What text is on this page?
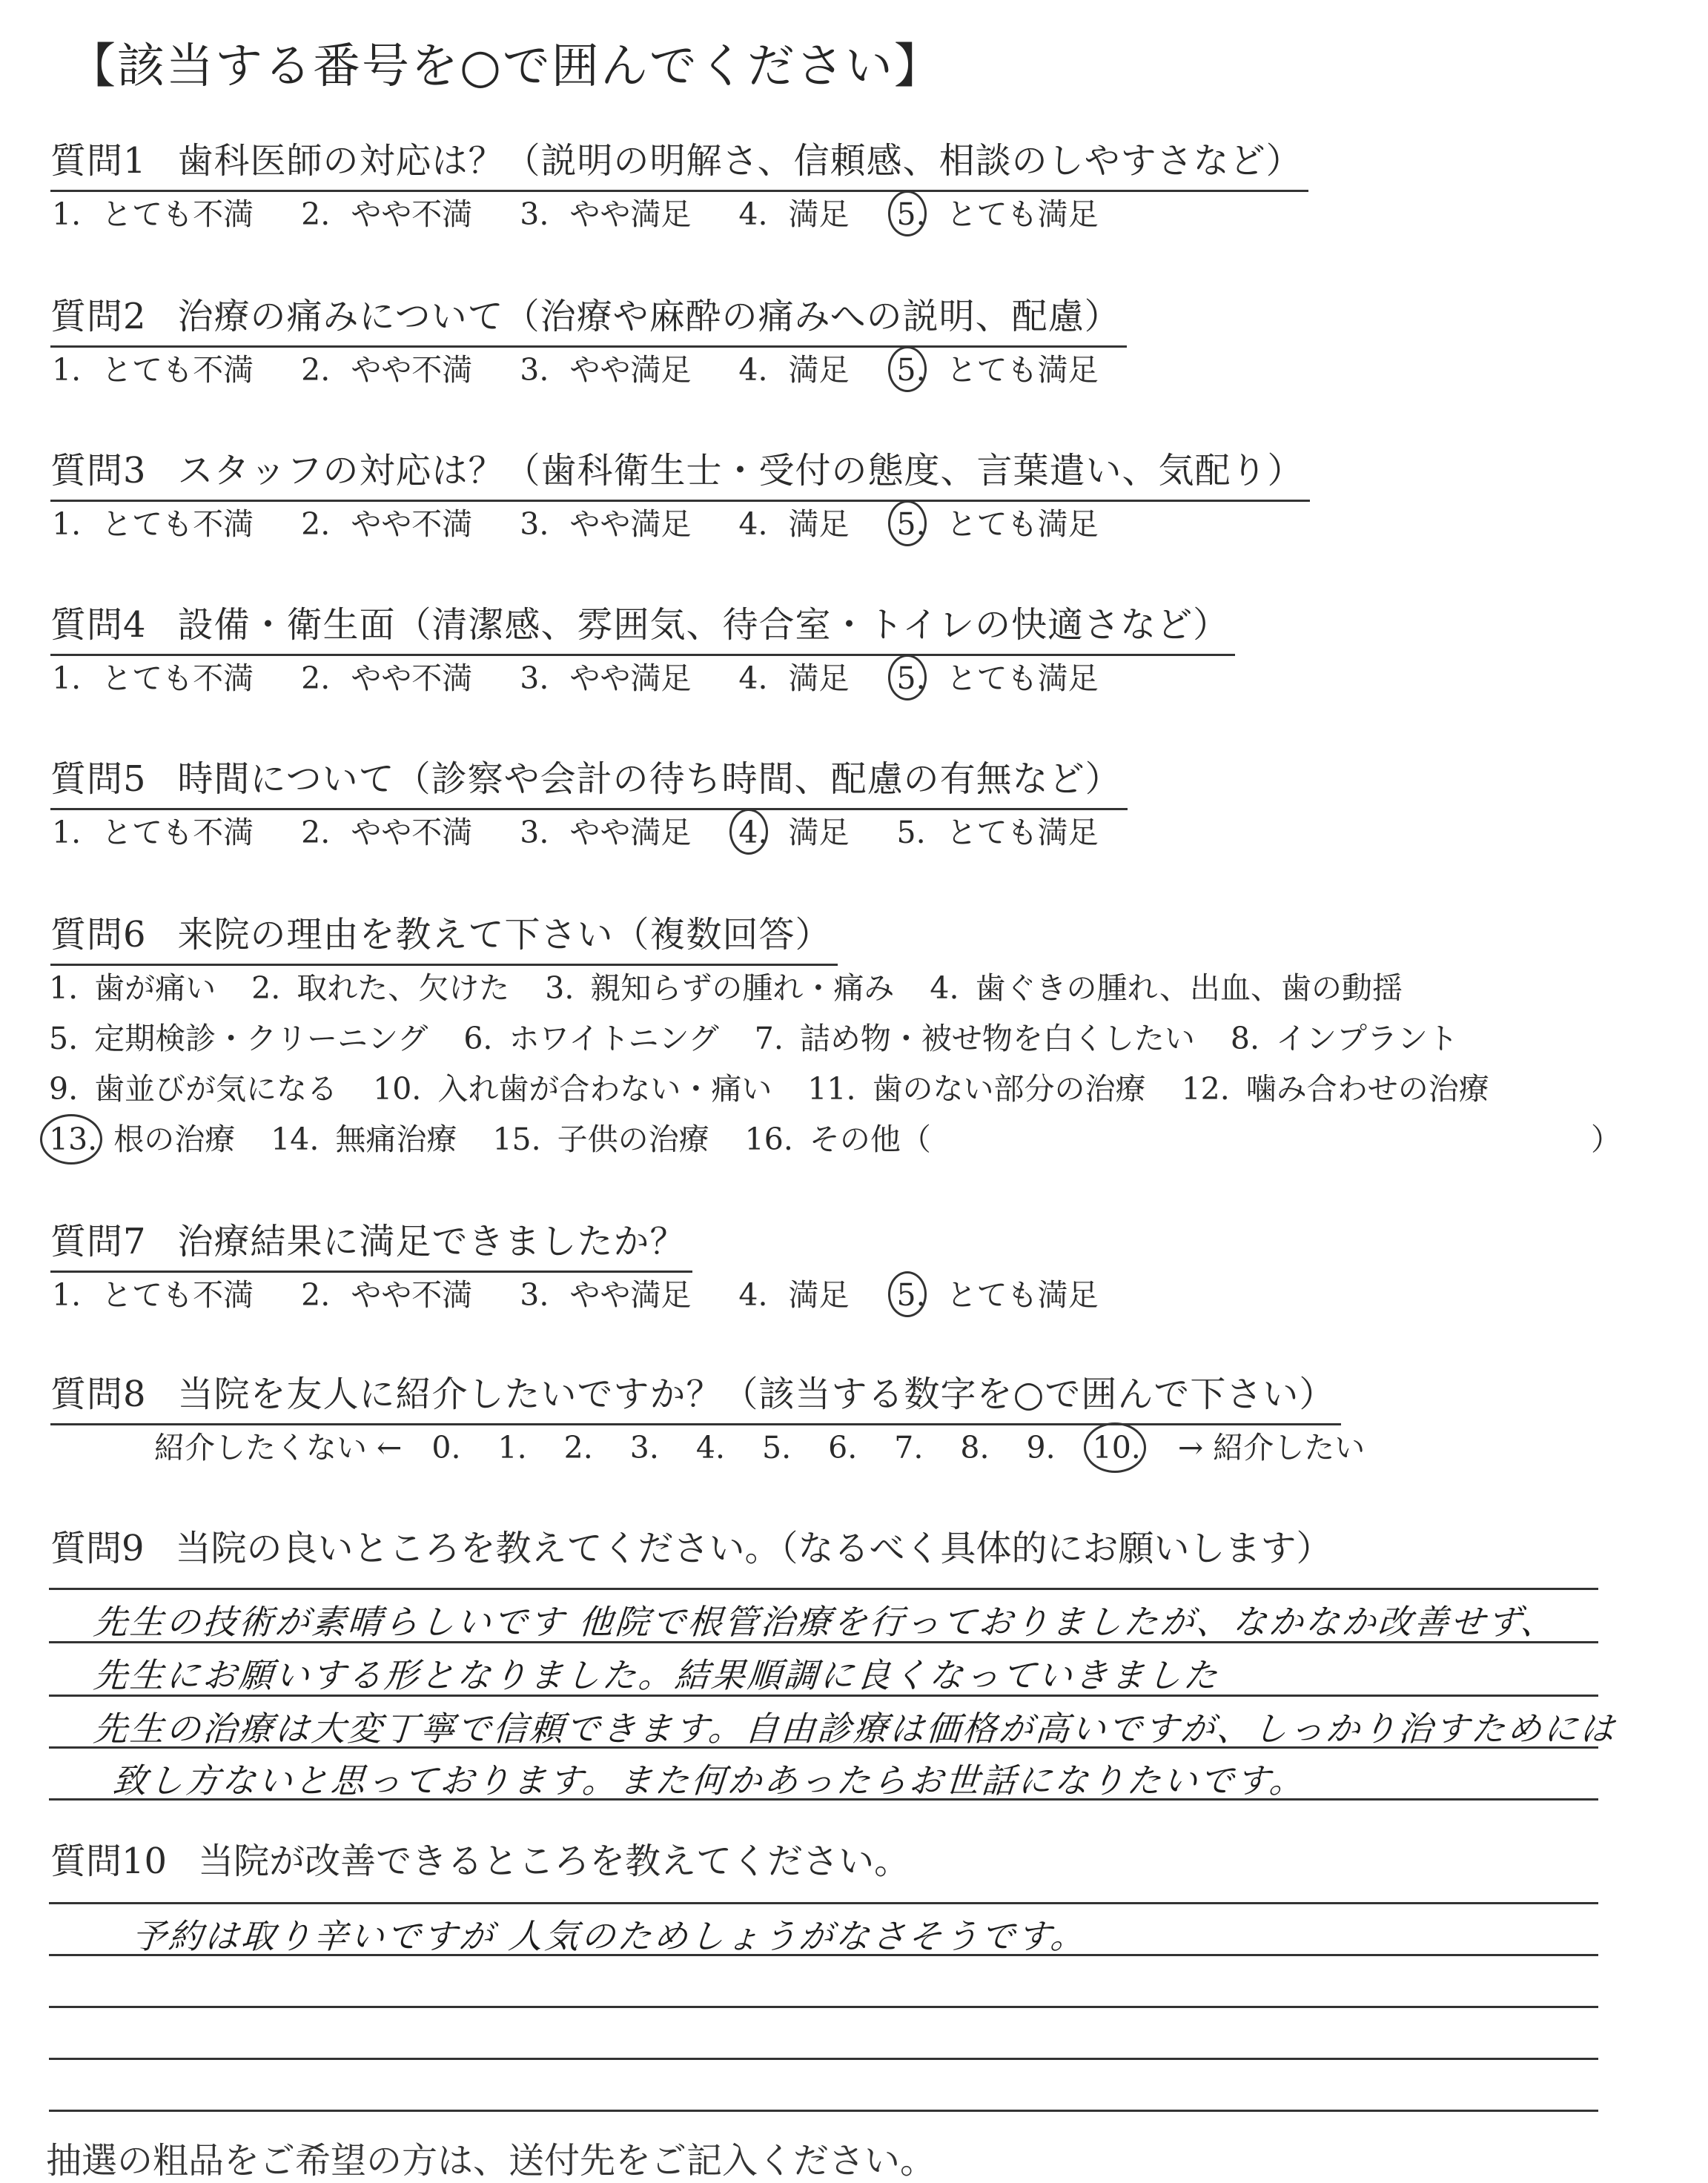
【該当する番号を○で囲んでください】
質問1 歯科医師の対応は？（説明の明解さ、信頼感、相談のしやすさなど）
1. とても不満 2. やや不満 3. やや満足 4. 満足 5. とても満足
質問2 治療の痛みについて（治療や麻酔の痛みへの説明、配慮）
1. とても不満 2. やや不満 3. やや満足 4. 満足 5. とても満足
質問3 スタッフの対応は？（歯科衛生士・受付の態度、言葉遣い、気配り）
1. とても不満 2. やや不満 3. やや満足 4. 満足 5. とても満足
質問4 設備・衛生面（清潔感、雰囲気、待合室・トイレの快適さなど）
1. とても不満 2. やや不満 3. やや満足 4. 満足 5. とても満足
質問5 時間について（診察や会計の待ち時間、配慮の有無など）
1. とても不満 2. やや不満 3. やや満足 4. 満足 5. とても満足
質問6 来院の理由を教えて下さい（複数回答）
1. 歯が痛い 2. 取れた、欠けた 3. 親知らずの腫れ・痛み 4. 歯ぐきの腫れ、出血、歯の動揺
5. 定期検診・クリーニング 6. ホワイトニング 7. 詰め物・被せ物を白くしたい 8. インプラント
9. 歯並びが気になる 10. 入れ歯が合わない・痛い 11. 歯のない部分の治療 12. 噛み合わせの治療
13. 根の治療 14. 無痛治療 15. 子供の治療 16. その他（	）
質問7 治療結果に満足できましたか？
1. とても不満 2. やや不満 3. やや満足 4. 満足 5. とても満足
質問8 当院を友人に紹介したいですか？（該当する数字を○で囲んで下さい）
紹介したくない ← 0. 1. 2. 3. 4. 5. 6. 7. 8. 9. 10. → 紹介したい
質問9 当院の良いところを教えてください。（なるべく具体的にお願いします）
先生の技術が素晴らしいです 他院で根管治療を行っておりましたが、なかなか改善せず、
先生にお願いする形となりました。結果順調に良くなっていきました
先生の治療は大変丁寧で信頼できます。自由診療は価格が高いですが、しっかり治すためには
致し方ないと思っております。また何かあったらお世話になりたいです。
質問10 当院が改善できるところを教えてください。
予約は取り辛いですが 人気のためしょうがなさそうです。
抽選の粗品をご希望の方は、送付先をご記入ください。
